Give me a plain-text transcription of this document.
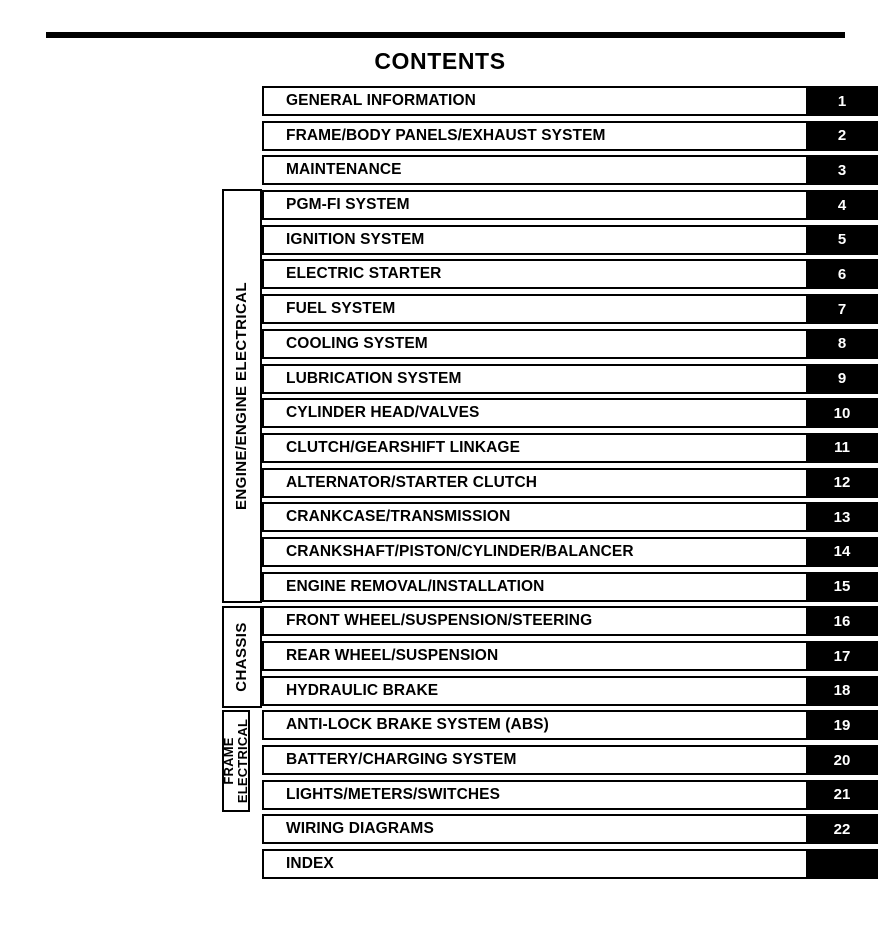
CONTENTS
GENERAL INFORMATION	1
FRAME/BODY PANELS/EXHAUST SYSTEM	2
MAINTENANCE	3
PGM-FI SYSTEM	4
IGNITION SYSTEM	5
ELECTRIC STARTER	6
FUEL SYSTEM	7
COOLING SYSTEM	8
LUBRICATION SYSTEM	9
CYLINDER HEAD/VALVES	10
CLUTCH/GEARSHIFT LINKAGE	11
ALTERNATOR/STARTER CLUTCH	12
CRANKCASE/TRANSMISSION	13
CRANKSHAFT/PISTON/CYLINDER/BALANCER	14
ENGINE REMOVAL/INSTALLATION	15
FRONT WHEEL/SUSPENSION/STEERING	16
REAR WHEEL/SUSPENSION	17
HYDRAULIC BRAKE	18
ANTI-LOCK BRAKE SYSTEM (ABS)	19
BATTERY/CHARGING SYSTEM	20
LIGHTS/METERS/SWITCHES	21
WIRING DIAGRAMS	22
INDEX
ENGINE/ENGINE ELECTRICAL
CHASSIS
FRAME ELECTRICAL
